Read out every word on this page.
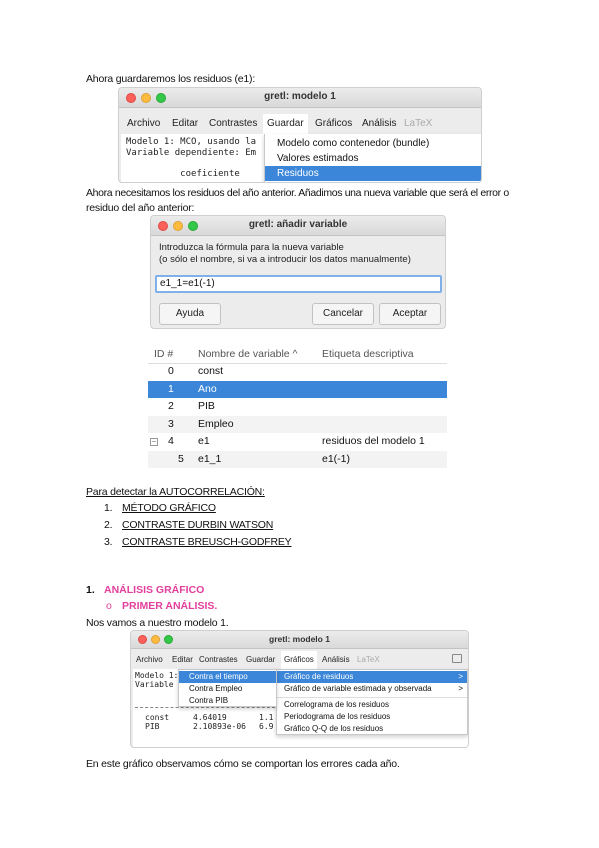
Ahora guardaremos los residuos (e1):
gretl: modelo 1
Archivo Editar Contrastes Guardar	Gráficos Análisis LaTeX
Modelo 1: MCO, usando la
Variable dependiente: Em
coeficiente
Modelo como contenedor (bundle)
Valores estimados
Residuos
Ahora necesitamos los residuos del año anterior. Añadimos una nueva variable que será el error o
residuo del año anterior:
gretl: añadir variable
Introduzca la fórmula para la nueva variable
(o sólo el nombre, si va a introducir los datos manualmente)
e1_1=e1(-1)
Ayuda	Cancelar	Aceptar
ID # Nombre de variable ^ Etiqueta descriptiva
0 const
1 Ano
2 PIB
3 Empleo
− 4 e1	residuos del modelo 1
5 e1_1	e1(-1)
Para detectar la AUTOCORRELACIÓN:
1. MÉTODO GRÁFICO
2. CONTRASTE DURBIN WATSON
3. CONTRASTE BREUSCH-GODFREY
1. ANÁLISIS GRÁFICO
o PRIMER ANÁLISIS.
Nos vamos a nuestro modelo 1.
gretl: modelo 1
Archivo Editar Contrastes Guardar	Gráficos	Análisis LaTeX
Modelo 1:
Variable
const	4.64019	1.1
PIB	2.10893e-06 6.9
Gráfico de residuos	>
Gráfico de variable estimada y observada	>
Correlograma de los residuos
Periodograma de los residuos
Gráfico Q-Q de los residuos
Contra el tiempo
Contra Empleo
Contra PIB
En este gráfico observamos cómo se comportan los errores cada año.
